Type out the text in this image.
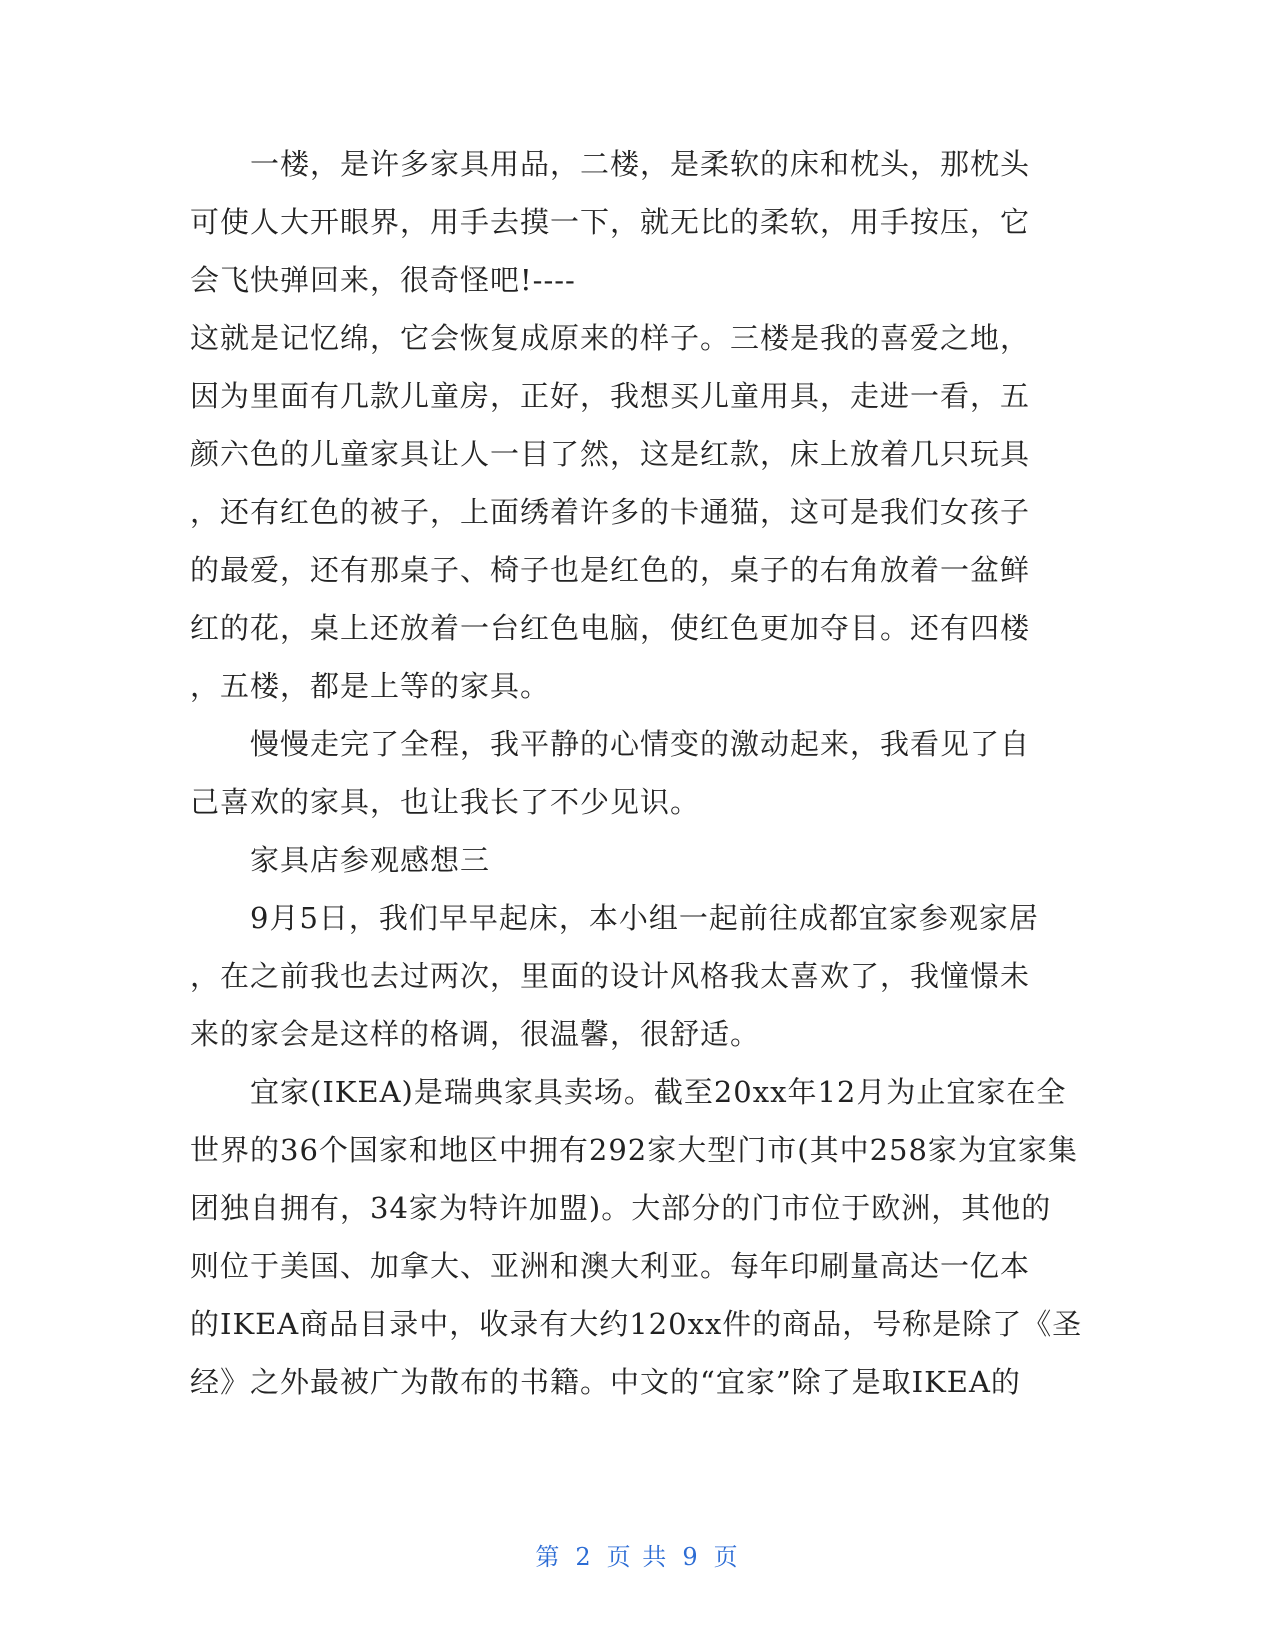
一楼，是许多家具用品，二楼，是柔软的床和枕头，那枕头
可使人大开眼界，用手去摸一下，就无比的柔软，用手按压，它
会飞快弹回来，很奇怪吧!----
这就是记忆绵，它会恢复成原来的样子。三楼是我的喜爱之地，
因为里面有几款儿童房，正好，我想买儿童用具，走进一看，五
颜六色的儿童家具让人一目了然，这是红款，床上放着几只玩具
，还有红色的被子，上面绣着许多的卡通猫，这可是我们女孩子
的最爱，还有那桌子、椅子也是红色的，桌子的右角放着一盆鲜
红的花，桌上还放着一台红色电脑，使红色更加夺目。还有四楼
，五楼，都是上等的家具。
慢慢走完了全程，我平静的心情变的激动起来，我看见了自
己喜欢的家具，也让我长了不少见识。
家具店参观感想三
9月5日，我们早早起床，本小组一起前往成都宜家参观家居
，在之前我也去过两次，里面的设计风格我太喜欢了，我憧憬未
来的家会是这样的格调，很温馨，很舒适。
宜家(IKEA)是瑞典家具卖场。截至20xx年12月为止宜家在全
世界的36个国家和地区中拥有292家大型门市(其中258家为宜家集
团独自拥有，34家为特许加盟)。大部分的门市位于欧洲，其他的
则位于美国、加拿大、亚洲和澳大利亚。每年印刷量高达一亿本
的IKEA商品目录中，收录有大约120xx件的商品，号称是除了《圣
经》之外最被广为散布的书籍。中文的“宜家”除了是取IKEA的
第 2 页 共 9 页
